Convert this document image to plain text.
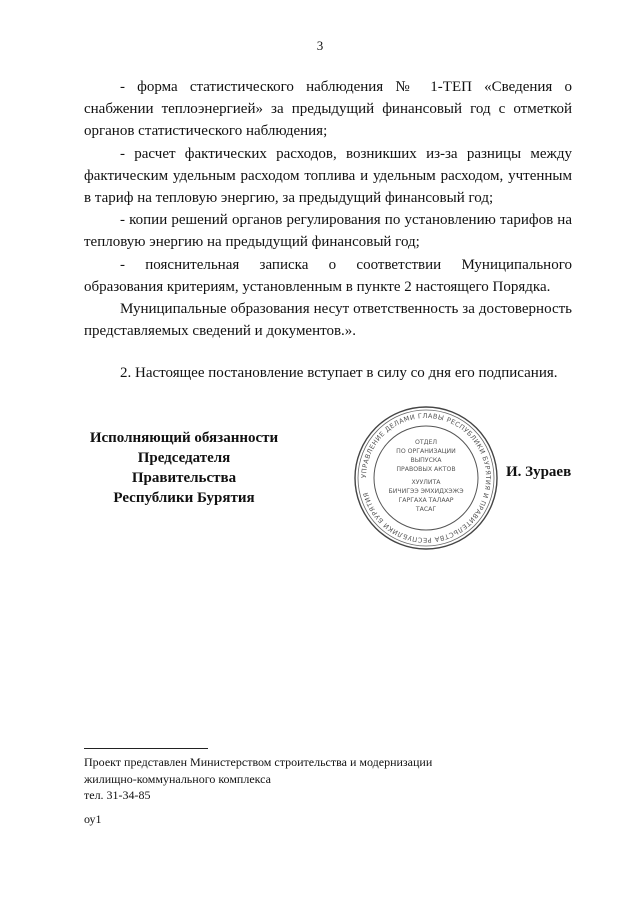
3

- форма статистического наблюдения № 1-ТЕП «Сведения о снабжении теплоэнергией» за предыдущий финансовый год с отметкой органов статистического наблюдения;

- расчет фактических расходов, возникших из-за разницы между фактическим удельным расходом топлива и удельным расходом, учтенным в тариф на тепловую энергию, за предыдущий финансовый год;

- копии решений органов регулирования по установлению тарифов на тепловую энергию на предыдущий финансовый год;

- пояснительная записка о соответствии Муниципального образования критериям, установленным в пункте 2 настоящего Порядка.

Муниципальные образования несут ответственность за достоверность представляемых сведений и документов.».

2. Настоящее постановление вступает в силу со дня его подписания.

Исполняющий обязанности
Председателя Правительства
Республики Бурятия
УПРАВЛЕНИЕ ДЕЛАМИ ГЛАВЫ РЕСПУБЛИКИ БУРЯТИЯ И ПРАВИТЕЛЬСТВА РЕСПУБЛИКИ БУРЯТИЯ
ОТДЕЛ
ПО ОРГАНИЗАЦИИ
ВЫПУСКА
ПРАВОВЫХ АКТОВ
ХУУЛИТА
БИЧИГЭЭ ЭМХИДХЭЖЭ
ГАРГАХА ТАЛААР
ТАСАГ
И. Зураев
Проект представлен Министерством строительства и модернизации
жилищно-коммунального комплекса
тел. 31-34-85
оу1
